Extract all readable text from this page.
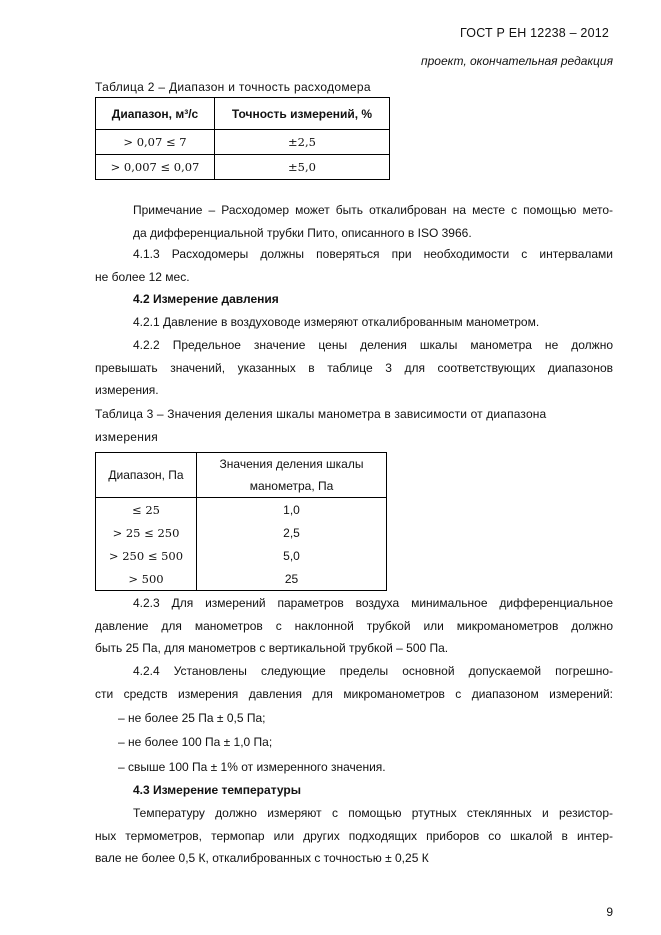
ГОСТ Р ЕН 12238 – 2012
проект, окончательная редакция
Таблица 2 – Диапазон и точность расходомера
Диапазон, м³/с	Точность измерений, %
> 0,07 ≤ 7	±2,5
> 0,007 ≤ 0,07	±5,0
Примечание – Расходомер может быть откалиброван на месте с помощью мето-
да дифференциальной трубки Пито, описанного в ISO 3966.
4.1.3 Расходомеры должны поверяться при необходимости с интервалами
не более 12 мес.
4.2 Измерение давления
4.2.1 Давление в воздуховоде измеряют откалиброванным манометром.
4.2.2 Предельное значение цены деления шкалы манометра не должно
превышать значений, указанных в таблице 3 для соответствующих диапазонов
измерения.
Таблица 3 – Значения деления шкалы манометра в зависимости от диапазона
измерения
Диапазон, Па	Значения деления шкалы
манометра, Па

≤ 25	1,0
> 25 ≤ 250	2,5
> 250 ≤ 500	5,0
> 500	25
4.2.3 Для измерений параметров воздуха минимальное дифференциальное
давление для манометров с наклонной трубкой или микроманометров должно
быть 25 Па, для манометров с вертикальной трубкой – 500 Па.
4.2.4 Установлены следующие пределы основной допускаемой погрешно-
сти средств измерения давления для микроманометров с диапазоном измерений:
– не более 25 Па ± 0,5 Па;
– не более 100 Па ± 1,0 Па;
– свыше 100 Па ± 1% от измеренного значения.
4.3 Измерение температуры
Температуру должно измеряют с помощью ртутных стеклянных и резистор-
ных термометров, термопар или других подходящих приборов со шкалой в интер-
вале не более 0,5 К, откалиброванных с точностью ± 0,25 К
9
